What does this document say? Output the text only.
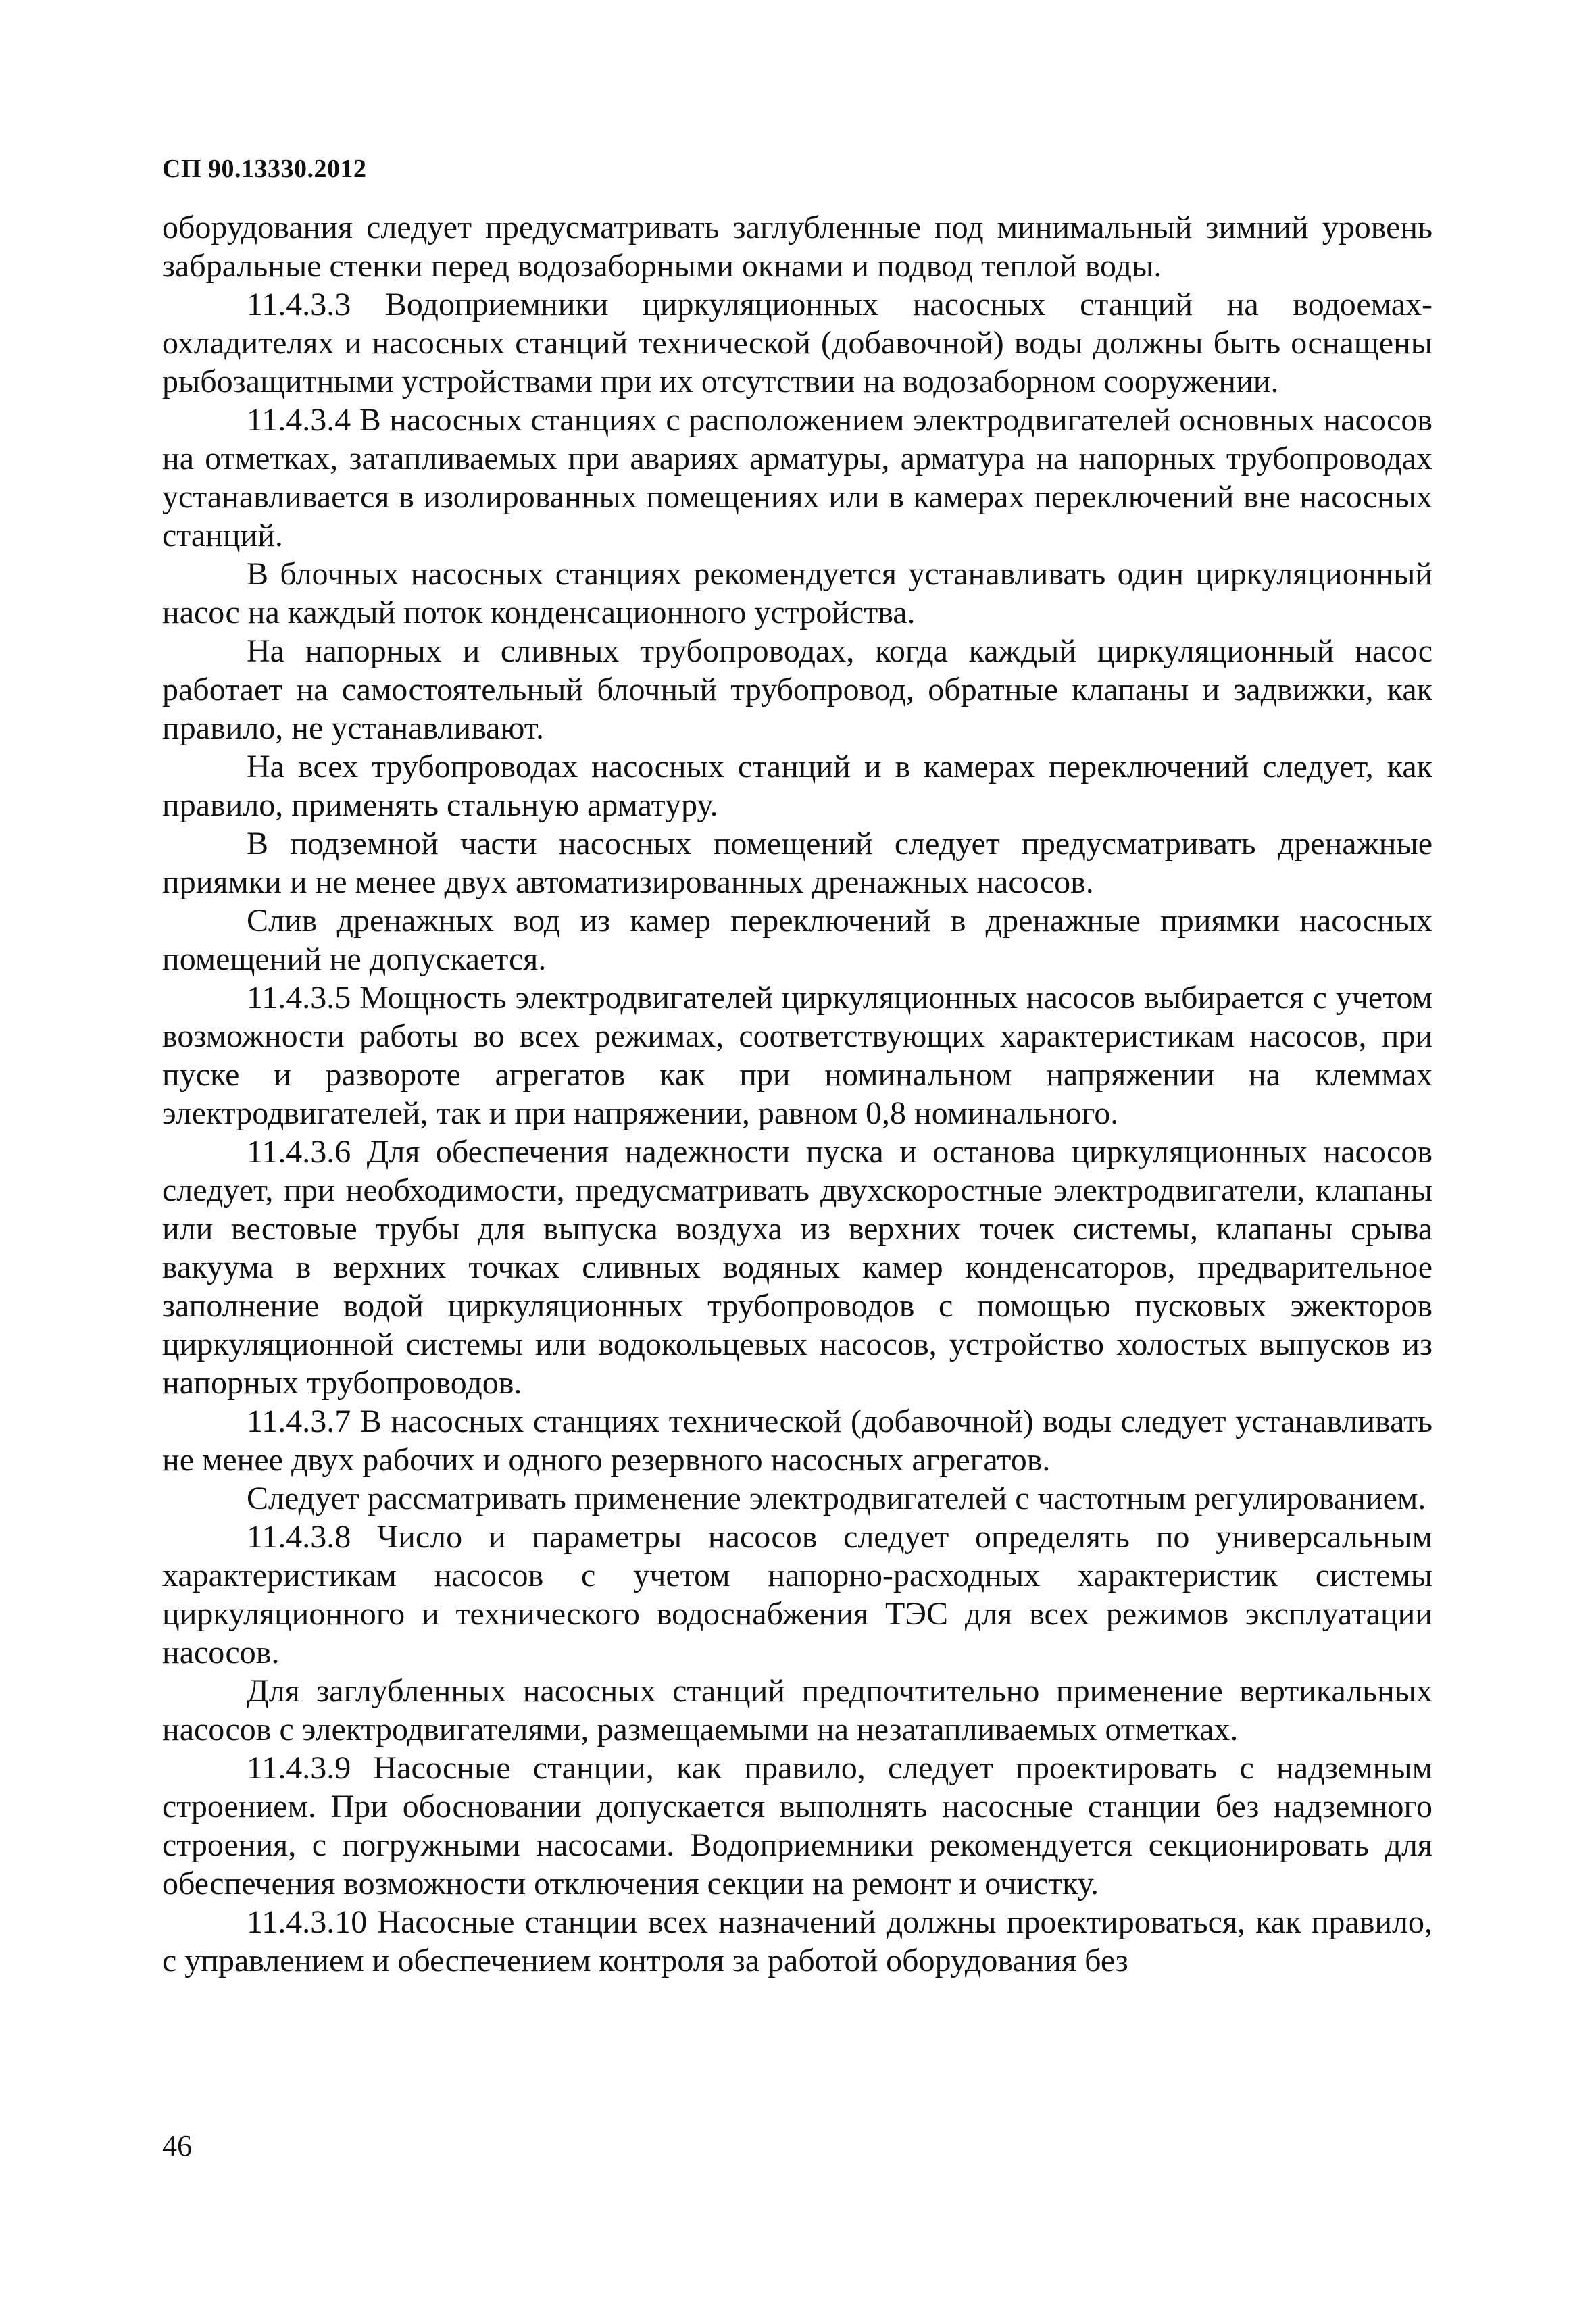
СП 90.13330.2012

оборудования следует предусматривать заглубленные под минимальный зимний уровень забральные стенки перед водозаборными окнами и подвод теплой воды.

11.4.3.3 Водоприемники циркуляционных насосных станций на водоемах-охладителях и насосных станций технической (добавочной) воды должны быть оснащены рыбозащитными устройствами при их отсутствии на водозаборном сооружении.

11.4.3.4 В насосных станциях с расположением электродвигателей основных насосов на отметках, затапливаемых при авариях арматуры, арматура на напорных трубопроводах устанавливается в изолированных помещениях или в камерах переключений вне насосных станций.

В блочных насосных станциях рекомендуется устанавливать один циркуляционный насос на каждый поток конденсационного устройства.

На напорных и сливных трубопроводах, когда каждый циркуляционный насос работает на самостоятельный блочный трубопровод, обратные клапаны и задвижки, как правило, не устанавливают.

На всех трубопроводах насосных станций и в камерах переключений следует, как правило, применять стальную арматуру.

В подземной части насосных помещений следует предусматривать дренажные приямки и не менее двух автоматизированных дренажных насосов.

Слив дренажных вод из камер переключений в дренажные приямки насосных помещений не допускается.

11.4.3.5 Мощность электродвигателей циркуляционных насосов выбирается с учетом возможности работы во всех режимах, соответствующих характеристикам насосов, при пуске и развороте агрегатов как при номинальном напряжении на клеммах электродвигателей, так и при напряжении, равном 0,8 номинального.

11.4.3.6 Для обеспечения надежности пуска и останова циркуляционных насосов следует, при необходимости, предусматривать двухскоростные электродвигатели, клапаны или вестовые трубы для выпуска воздуха из верхних точек системы, клапаны срыва вакуума в верхних точках сливных водяных камер конденсаторов, предварительное заполнение водой циркуляционных трубопроводов с помощью пусковых эжекторов циркуляционной системы или водокольцевых насосов, устройство холостых выпусков из напорных трубопроводов.

11.4.3.7 В насосных станциях технической (добавочной) воды следует устанавливать не менее двух рабочих и одного резервного насосных агрегатов.

Следует рассматривать применение электродвигателей с частотным регулированием.

11.4.3.8 Число и параметры насосов следует определять по универсальным характеристикам насосов с учетом напорно-расходных характеристик системы циркуляционного и технического водоснабжения ТЭС для всех режимов эксплуатации насосов.

Для заглубленных насосных станций предпочтительно применение вертикальных насосов с электродвигателями, размещаемыми на незатапливаемых отметках.

11.4.3.9 Насосные станции, как правило, следует проектировать с надземным строением. При обосновании допускается выполнять насосные станции без надземного строения, с погружными насосами. Водоприемники рекомендуется секционировать для обеспечения возможности отключения секции на ремонт и очистку.

11.4.3.10 Насосные станции всех назначений должны проектироваться, как правило, с управлением и обеспечением контроля за работой оборудования без

46
